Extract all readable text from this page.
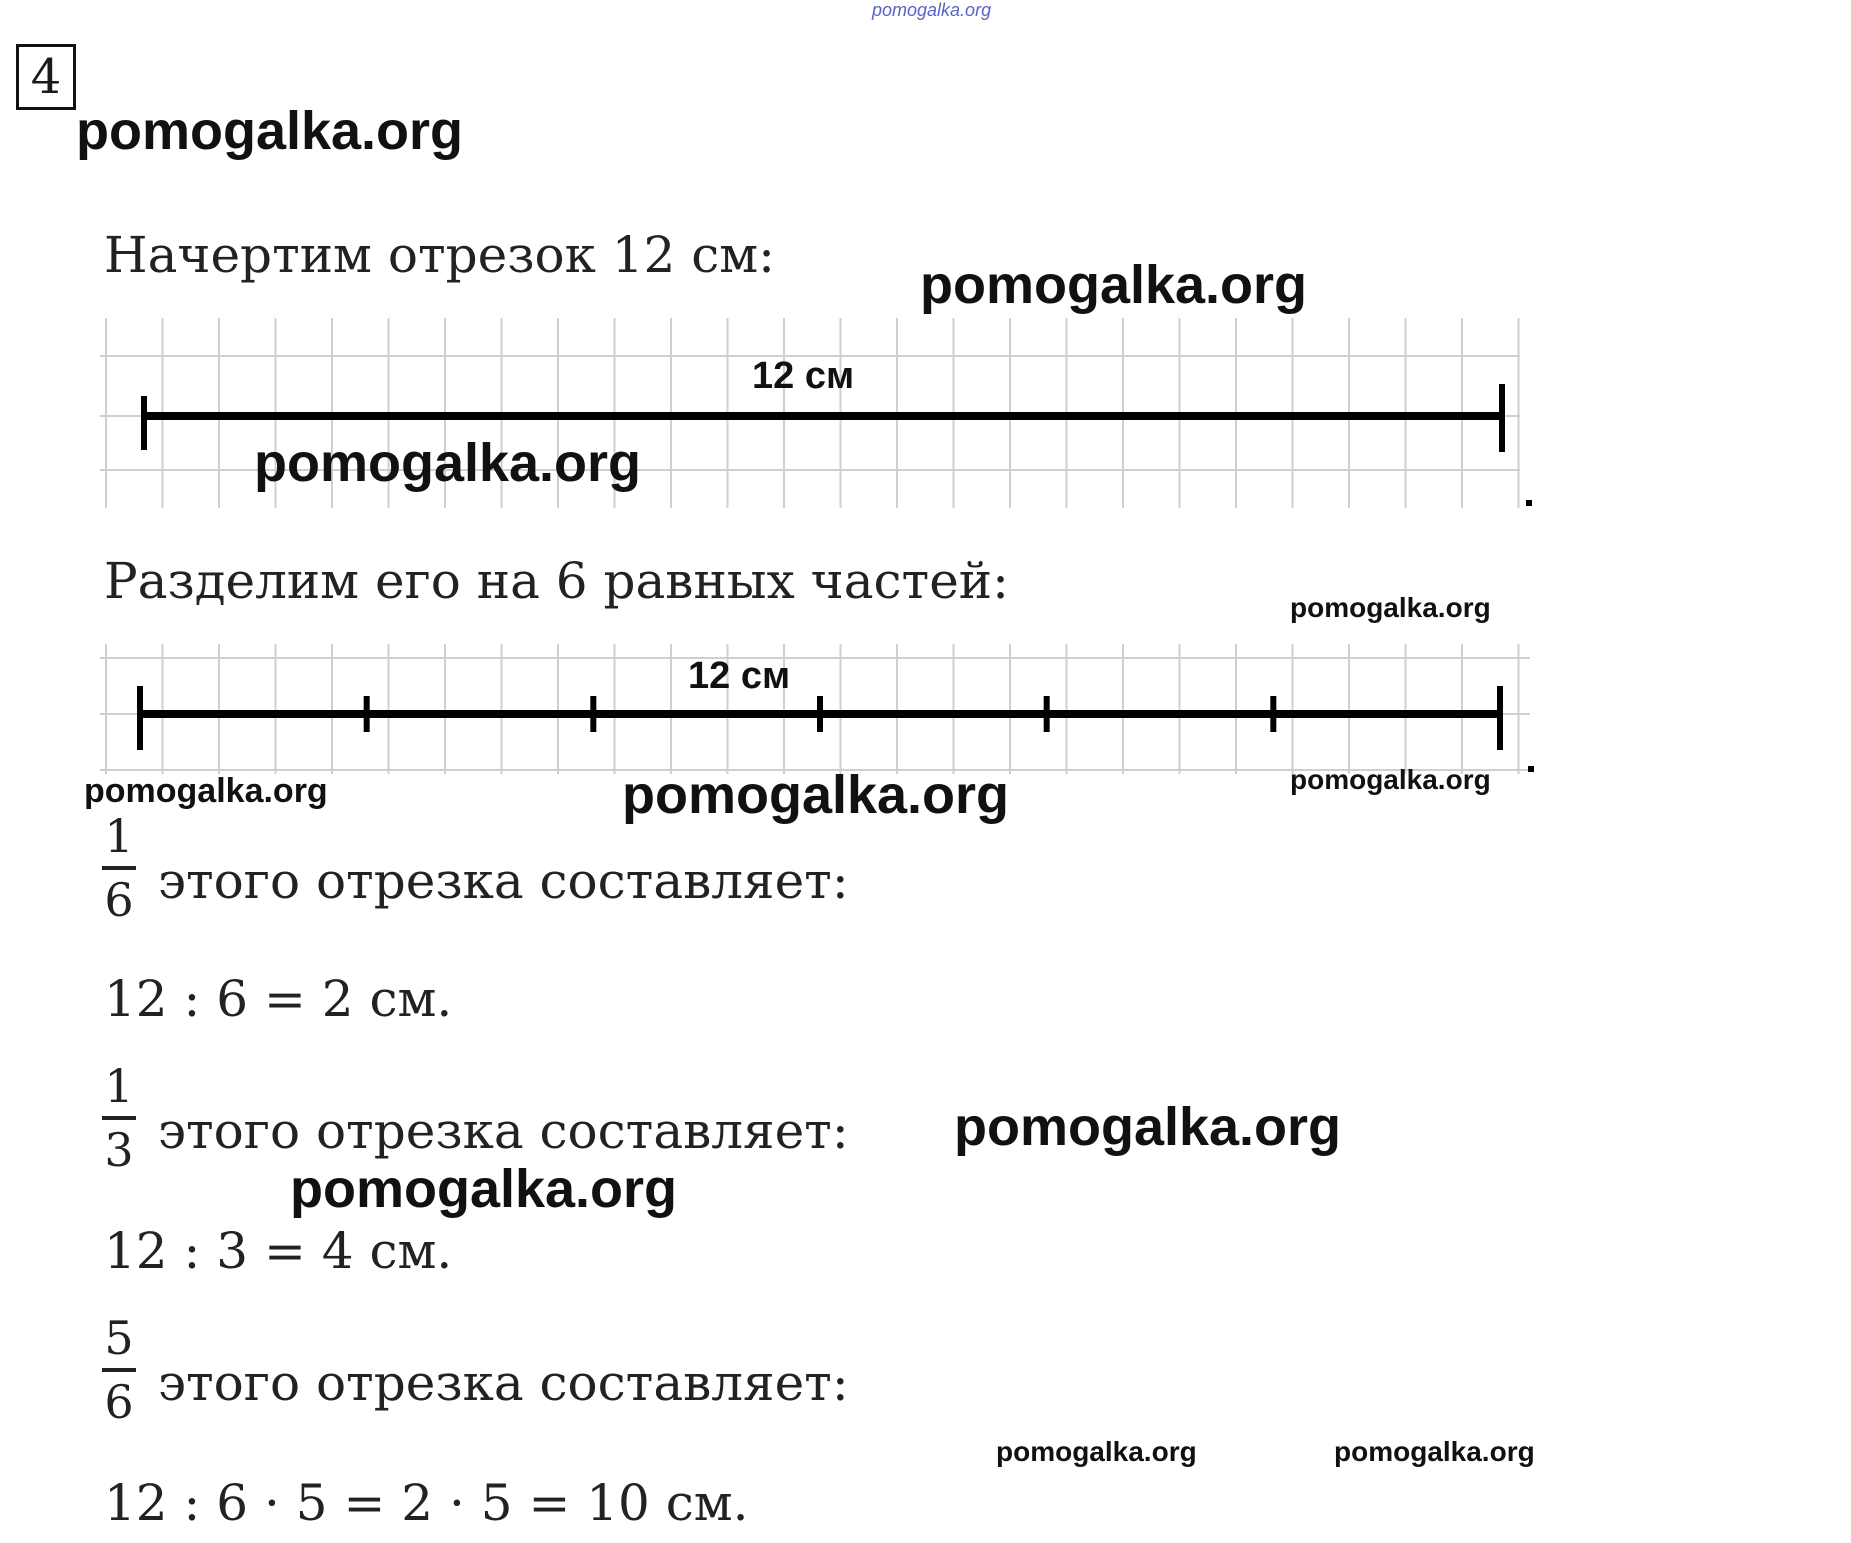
pomogalka.org
4
pomogalka.org
Начертим отрезок 12 см:	pomogalka.org
12 см
pomogalka.org
Разделим его на 6 равных частей:	pomogalka.org
12 см
pomogalka.org	pomogalka.org	pomogalka.org
1
6 этого отрезка составляет:
12 : 6 = 2 см.
1
3 этого отрезка составляет: pomogalka.org
pomogalka.org
12 : 3 = 4 см.
5
6 этого отрезка составляет:
pomogalka.org	pomogalka.org
12 : 6 · 5 = 2 · 5 = 10 см.
